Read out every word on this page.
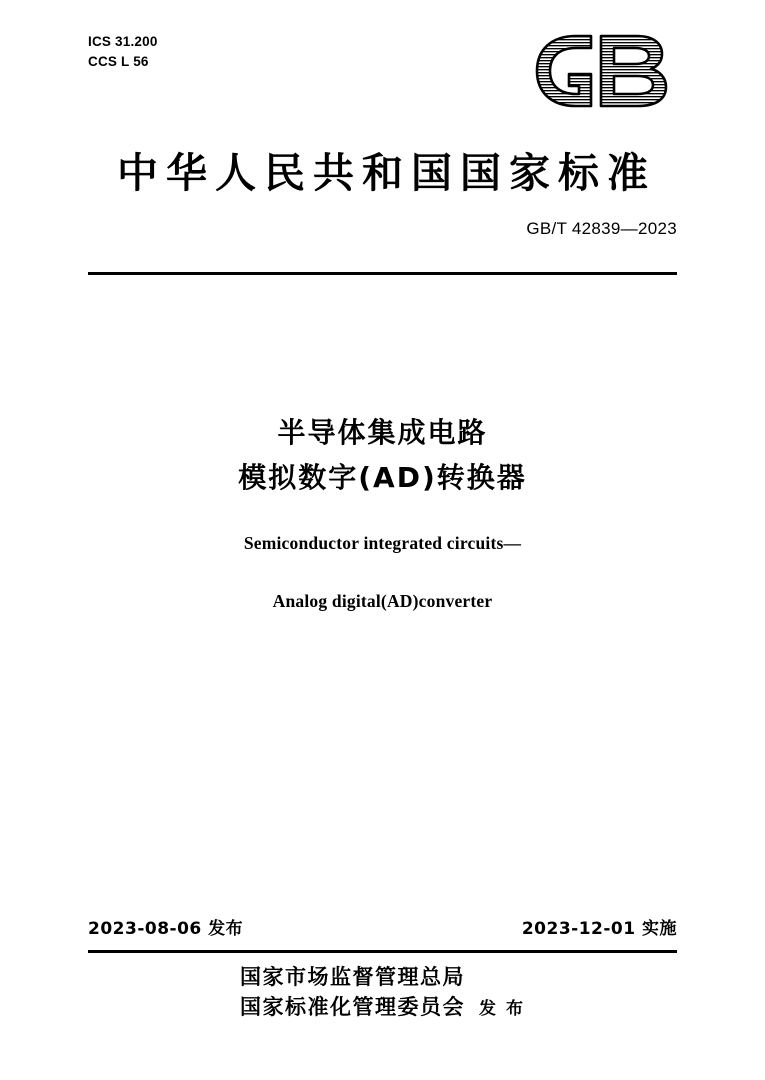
ICS 31.200
CCS L 56
中华人民共和国国家标准
GB/T 42839—2023
半导体集成电路
模拟数字(AD)转换器
Semiconductor integrated circuits—
Analog digital(AD)converter
2023-08-06 发布	2023-12-01 实施
国家市场监督管理总局
国家标准化管理委员会 发 布
